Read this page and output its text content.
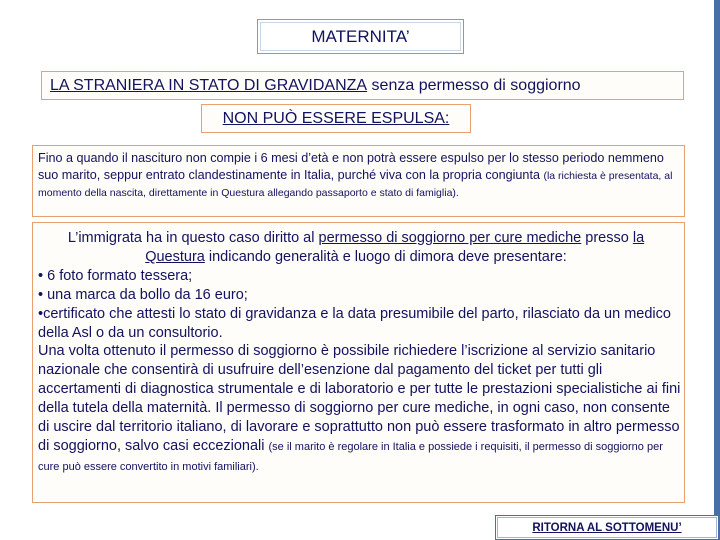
MATERNITA’
LA STRANIERA IN STATO DI GRAVIDANZA senza permesso di soggiorno
NON PUÒ ESSERE ESPULSA:
Fino a quando il nascituro non compie i 6 mesi d’età e non potrà essere espulso per lo stesso periodo nemmeno suo marito, seppur entrato clandestinamente in Italia, purché viva con la propria congiunta (la richiesta è presentata, al momento della nascita, direttamente in Questura allegando passaporto e stato di famiglia).

L’immigrata ha in questo caso diritto al permesso di soggiorno per cure mediche presso la Questura indicando generalità e luogo di dimora deve presentare:

• 6 foto formato tessera;

• una marca da bollo da 16 euro;

•certificato che attesti lo stato di gravidanza e la data presumibile del parto, rilasciato da un medico della Asl o da un consultorio.

Una volta ottenuto il permesso di soggiorno è possibile richiedere l’iscrizione al servizio sanitario nazionale che consentirà di usufruire dell’esenzione dal pagamento del ticket per tutti gli accertamenti di diagnostica strumentale e di laboratorio e per tutte le prestazioni specialistiche ai fini della tutela della maternità. Il permesso di soggiorno per cure mediche, in ogni caso, non consente di uscire dal territorio italiano, di lavorare e soprattutto non può essere trasformato in altro permesso di soggiorno, salvo casi eccezionali (se il marito è regolare in Italia e possiede i requisiti, il permesso di soggiorno per cure può essere convertito in motivi familiari).

RITORNA AL SOTTOMENU’
